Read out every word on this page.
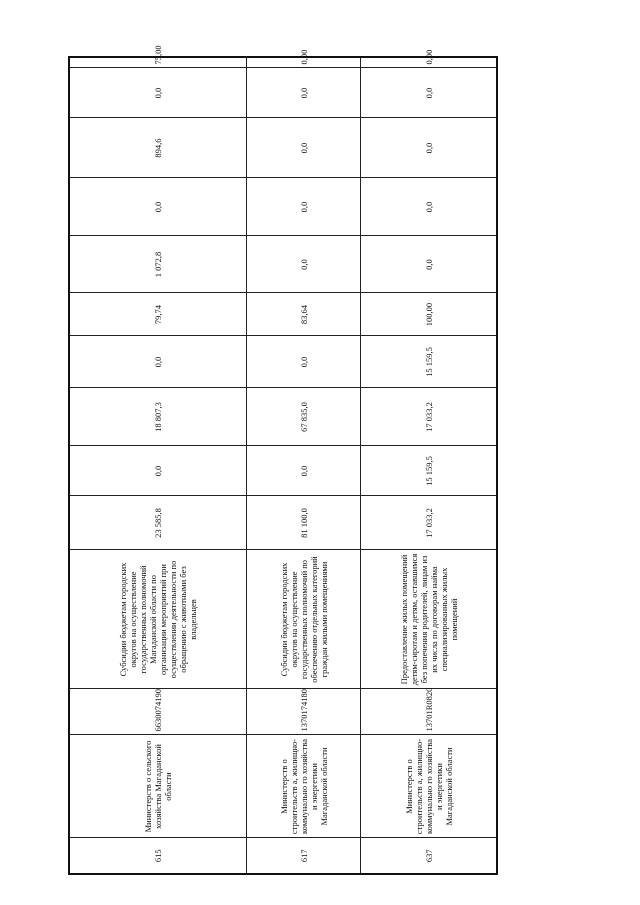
615	Министерств о сельского хозяйства Магаданской области	6630074190	Субсидии бюджетам городских округов на осуществление государственных полномочий Магаданской области по организации мероприятий при осуществлении деятельности по обращению с животными без владельцев	23 585,8	0,0	18 807,3	0,0	79,74	1 072,8	0,0	894,6	0,0	75,00
617	Министерств о строительств а, жилищно-коммунально го хозяйства и энергетики Магаданской области	1370174180	Субсидии бюджетам городских округов на осуществление государственных полномочий по обеспечению отдельных категорий граждан жилыми помещениями	81 100,0	0,0	67 835,0	0,0	83,64	0,0	0,0	0,0	0,0	0,00
637	Министерств о строительств а, жилищно-коммунально го хозяйства и энергетики Магаданской области	13701R0820	Предоставление жилых помещений детям-сиротам и детям, оставшимся без попечения родителей, лицам из их числа по договорам найма специализированных жилых помещений	17 033,2	15 159,5	17 033,2	15 159,5	100,00	0,0	0,0	0,0	0,0	0,00
